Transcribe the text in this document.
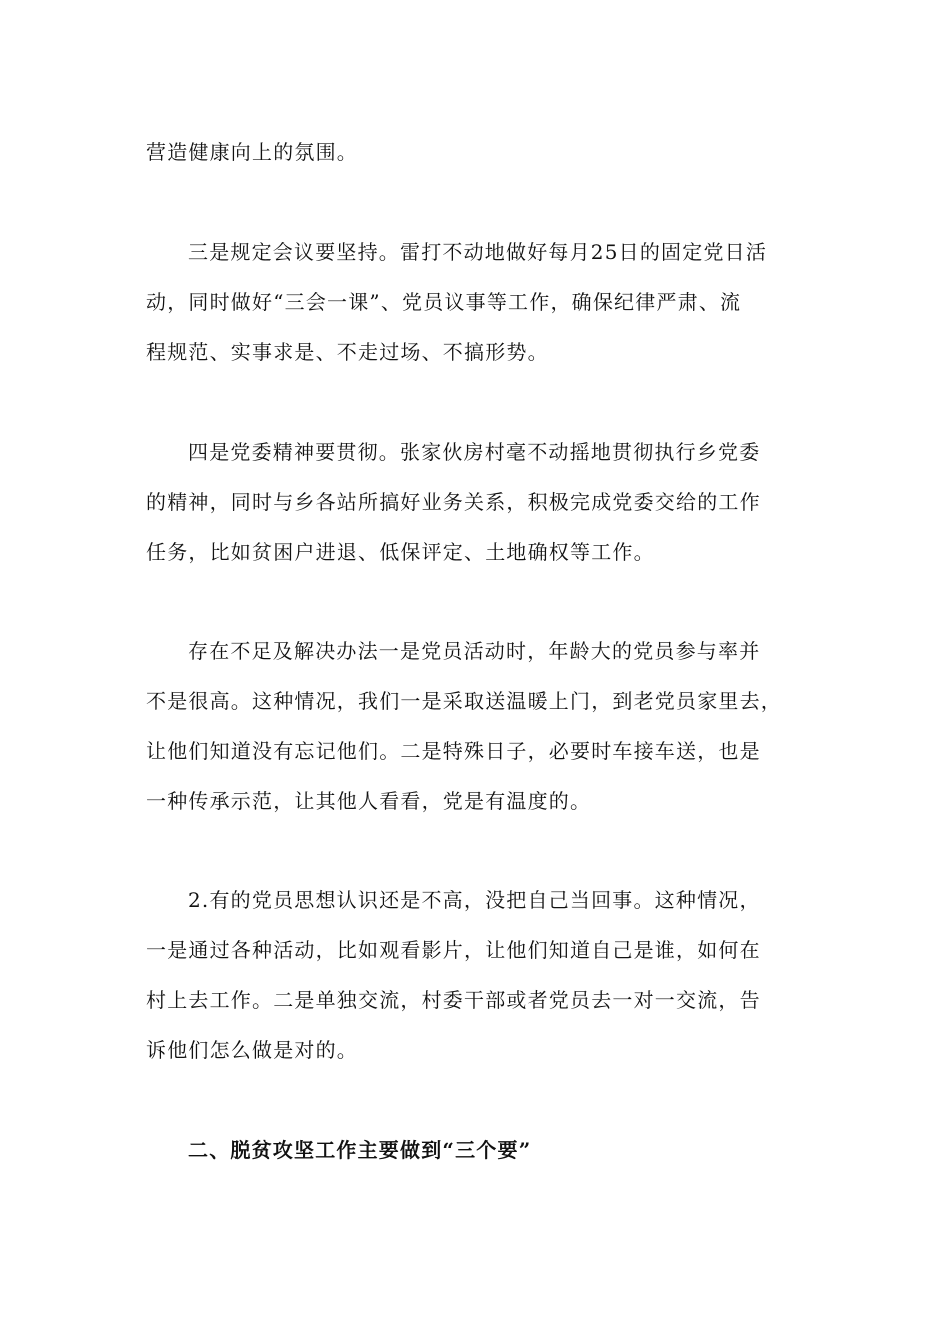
营造健康向上的氛围。
三是规定会议要坚持。雷打不动地做好每月25日的固定党日活
动，同时做好“三会一课”、党员议事等工作，确保纪律严肃、流
程规范、实事求是、不走过场、不搞形势。
四是党委精神要贯彻。张家伙房村毫不动摇地贯彻执行乡党委
的精神，同时与乡各站所搞好业务关系，积极完成党委交给的工作
任务，比如贫困户进退、低保评定、土地确权等工作。
存在不足及解决办法一是党员活动时，年龄大的党员参与率并
不是很高。这种情况，我们一是采取送温暖上门，到老党员家里去，
让他们知道没有忘记他们。二是特殊日子，必要时车接车送，也是
一种传承示范，让其他人看看，党是有温度的。
2.有的党员思想认识还是不高，没把自己当回事。这种情况，
一是通过各种活动，比如观看影片，让他们知道自己是谁，如何在
村上去工作。二是单独交流，村委干部或者党员去一对一交流，告
诉他们怎么做是对的。
二、脱贫攻坚工作主要做到“三个要”
